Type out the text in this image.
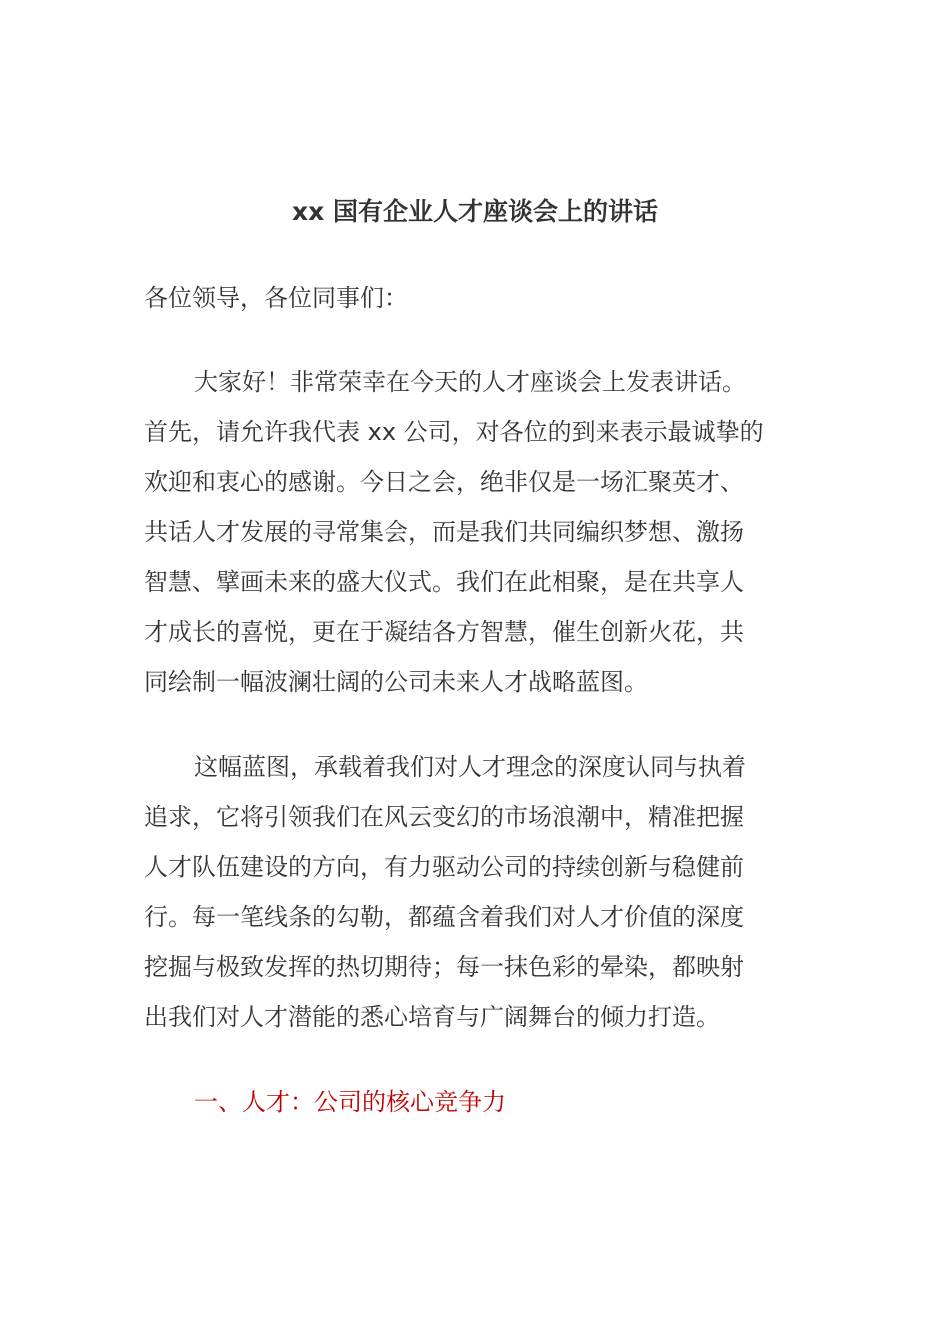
xx 国有企业人才座谈会上的讲话
各位领导，各位同事们：
大家好！非常荣幸在今天的人才座谈会上发表讲话。
首先，请允许我代表 xx 公司，对各位的到来表示最诚挚的
欢迎和衷心的感谢。今日之会，绝非仅是一场汇聚英才、
共话人才发展的寻常集会，而是我们共同编织梦想、激扬
智慧、擘画未来的盛大仪式。我们在此相聚，是在共享人
才成长的喜悦，更在于凝结各方智慧，催生创新火花，共
同绘制一幅波澜壮阔的公司未来人才战略蓝图。
这幅蓝图，承载着我们对人才理念的深度认同与执着
追求，它将引领我们在风云变幻的市场浪潮中，精准把握
人才队伍建设的方向，有力驱动公司的持续创新与稳健前
行。每一笔线条的勾勒，都蕴含着我们对人才价值的深度
挖掘与极致发挥的热切期待；每一抹色彩的晕染，都映射
出我们对人才潜能的悉心培育与广阔舞台的倾力打造。
一、人才：公司的核心竞争力
